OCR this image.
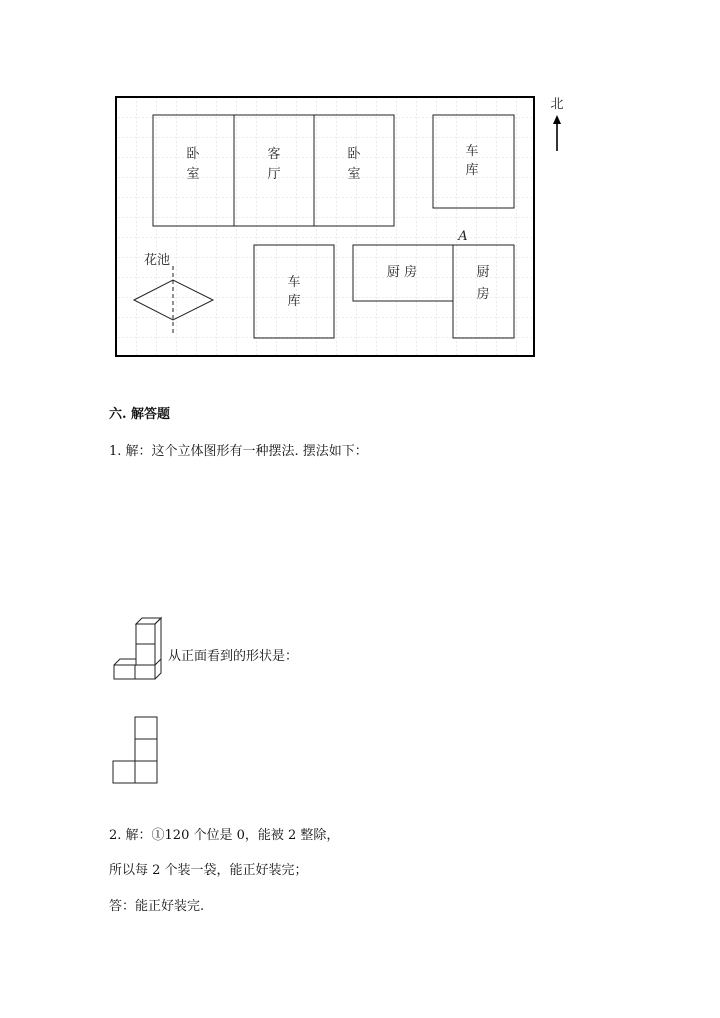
卧
室
客
厅
卧
室
车
库
车
库
厨 房	厨
房
花池
A
北
六. 解答题
1. 解：这个立体图形有一种摆法. 摆法如下：
从正面看到的形状是：
2. 解：①120 个位是 0，能被 2 整除，
所以每 2 个装一袋，能正好装完；
答：能正好装完.
